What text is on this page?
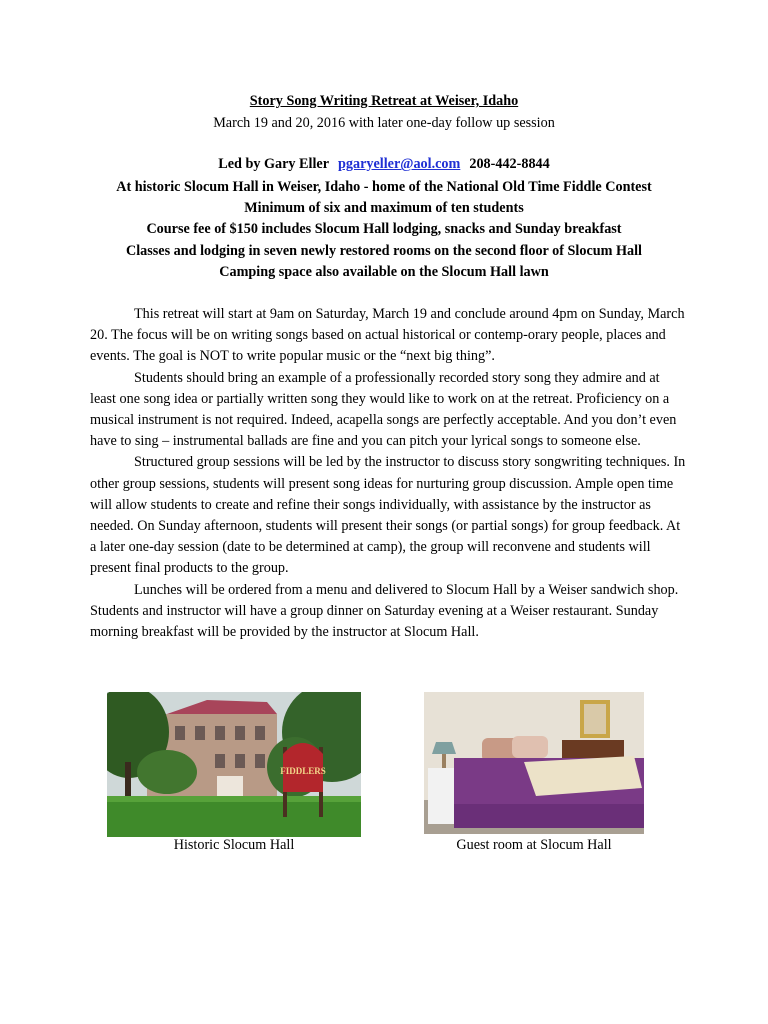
Story Song Writing Retreat at Weiser, Idaho
March 19 and 20, 2016 with later one-day follow up session
Led by Gary Eller pgaryeller@aol.com 208-442-8844
At historic Slocum Hall in Weiser, Idaho - home of the National Old Time Fiddle Contest
Minimum of six and maximum of ten students
Course fee of $150 includes Slocum Hall lodging, snacks and Sunday breakfast
Classes and lodging in seven newly restored rooms on the second floor of Slocum Hall
Camping space also available on the Slocum Hall lawn

This retreat will start at 9am on Saturday, March 19 and conclude around 4pm on Sunday, March 20. The focus will be on writing songs based on actual historical or contemp-orary people, places and events. The goal is NOT to write popular music or the “next big thing”.

Students should bring an example of a professionally recorded story song they admire and at least one song idea or partially written song they would like to work on at the retreat. Proficiency on a musical instrument is not required. Indeed, acapella songs are perfectly acceptable. And you don’t even have to sing – instrumental ballads are fine and you can pitch your lyrical songs to someone else.

Structured group sessions will be led by the instructor to discuss story songwriting techniques. In other group sessions, students will present song ideas for nurturing group discussion. Ample open time will allow students to create and refine their songs individually, with assistance by the instructor as needed. On Sunday afternoon, students will present their songs (or partial songs) for group feedback. At a later one-day session (date to be determined at camp), the group will reconvene and students will present final products to the group.

Lunches will be ordered from a menu and delivered to Slocum Hall by a Weiser sandwich shop. Students and instructor will have a group dinner on Saturday evening at a Weiser restaurant. Sunday morning breakfast will be provided by the instructor at Slocum Hall.

FIDDLERS
Historic Slocum Hall	Guest room at Slocum Hall
